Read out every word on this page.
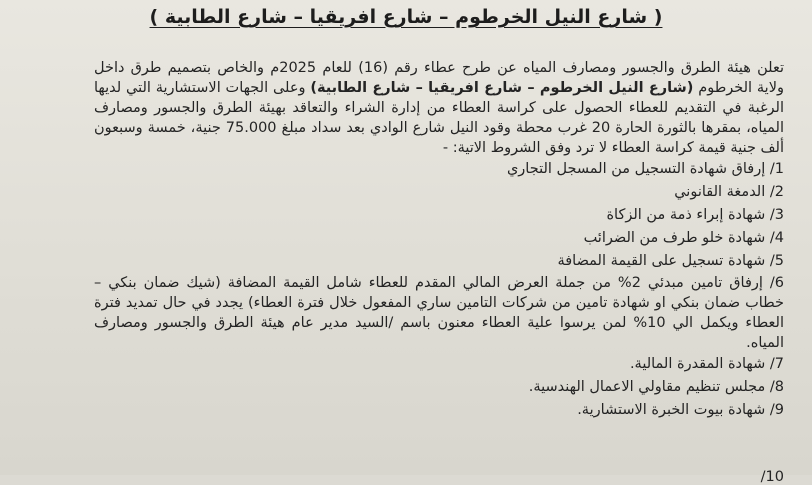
( شارع النيل الخرطوم – شارع افريقيا – شارع الطابية )

تعلن هيئة الطرق والجسور ومصارف المياه عن طرح عطاء رقم (16) للعام 2025م والخاص بتصميم طرق داخل ولاية الخرطوم (شارع النيل الخرطوم – شارع افريقيا – شارع الطابية) وعلى الجهات الاستشارية التي لديها الرغبة في التقديم للعطاء الحصول على كراسة العطاء من إدارة الشراء والتعاقد بهيئة الطرق والجسور ومصارف المياه، بمقرها بالثورة الحارة 20 غرب محطة وقود النيل شارع الوادي بعد سداد مبلغ 75.000 جنية، خمسة وسبعون ألف جنية قيمة كراسة العطاء لا ترد وفق الشروط الاتية: -

1/ إرفاق شهادة التسجيل من المسجل التجاري

2/ الدمغة القانوني

3/ شهادة إبراء ذمة من الزكاة

4/ شهادة خلو طرف من الضرائب

5/ شهادة تسجيل على القيمة المضافة

6/ إرفاق تامين مبدئي 2% من جملة العرض المالي المقدم للعطاء شامل القيمة المضافة (شيك ضمان بنكي – خطاب ضمان بنكي او شهادة تامين من شركات التامين ساري المفعول خلال فترة العطاء) يجدد في حال تمديد فترة العطاء ويكمل الي 10% لمن يرسوا علية العطاء معنون باسم /السيد مدير عام هيئة الطرق والجسور ومصارف المياه.

7/ شهادة المقدرة المالية.

8/ مجلس تنظيم مقاولي الاعمال الهندسية.

9/ شهادة بيوت الخبرة الاستشارية.

10/
